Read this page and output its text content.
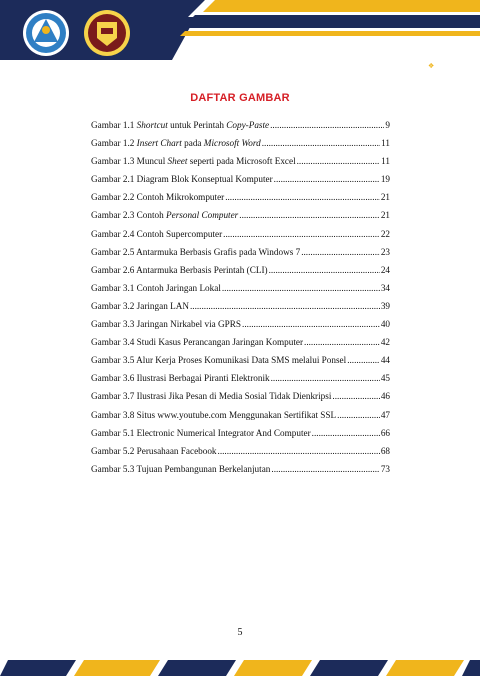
❖
DAFTAR GAMBAR
Gambar 1.1 Shortcut untuk Perintah Copy-Paste .....	9
Gambar 1.2 Insert Chart pada Microsoft Word .....	11
Gambar 1.3 Muncul Sheet seperti pada Microsoft Excel .....	11
Gambar 2.1 Diagram Blok Konseptual Komputer .....	19
Gambar 2.2 Contoh Mikrokomputer .....	21
Gambar 2.3 Contoh Personal Computer .....	21
Gambar 2.4 Contoh Supercomputer .....	22
Gambar 2.5 Antarmuka Berbasis Grafis pada Windows 7 .....	23
Gambar 2.6 Antarmuka Berbasis Perintah (CLI) .....	24
Gambar 3.1 Contoh Jaringan Lokal .....	34
Gambar 3.2 Jaringan LAN .....	39
Gambar 3.3 Jaringan Nirkabel via GPRS .....	40
Gambar 3.4 Studi Kasus Perancangan Jaringan Komputer .....	42
Gambar 3.5 Alur Kerja Proses Komunikasi Data SMS melalui Ponsel .....	44
Gambar 3.6 Ilustrasi Berbagai Piranti Elektronik .....	45
Gambar 3.7 Ilustrasi Jika Pesan di Media Sosial Tidak Dienkripsi .....	46
Gambar 3.8 Situs www.youtube.com Menggunakan Sertifikat SSL .....	47
Gambar 5.1 Electronic Numerical Integrator And Computer .....	66
Gambar 5.2 Perusahaan Facebook .....	68
Gambar 5.3 Tujuan Pembangunan Berkelanjutan .....	73
5
